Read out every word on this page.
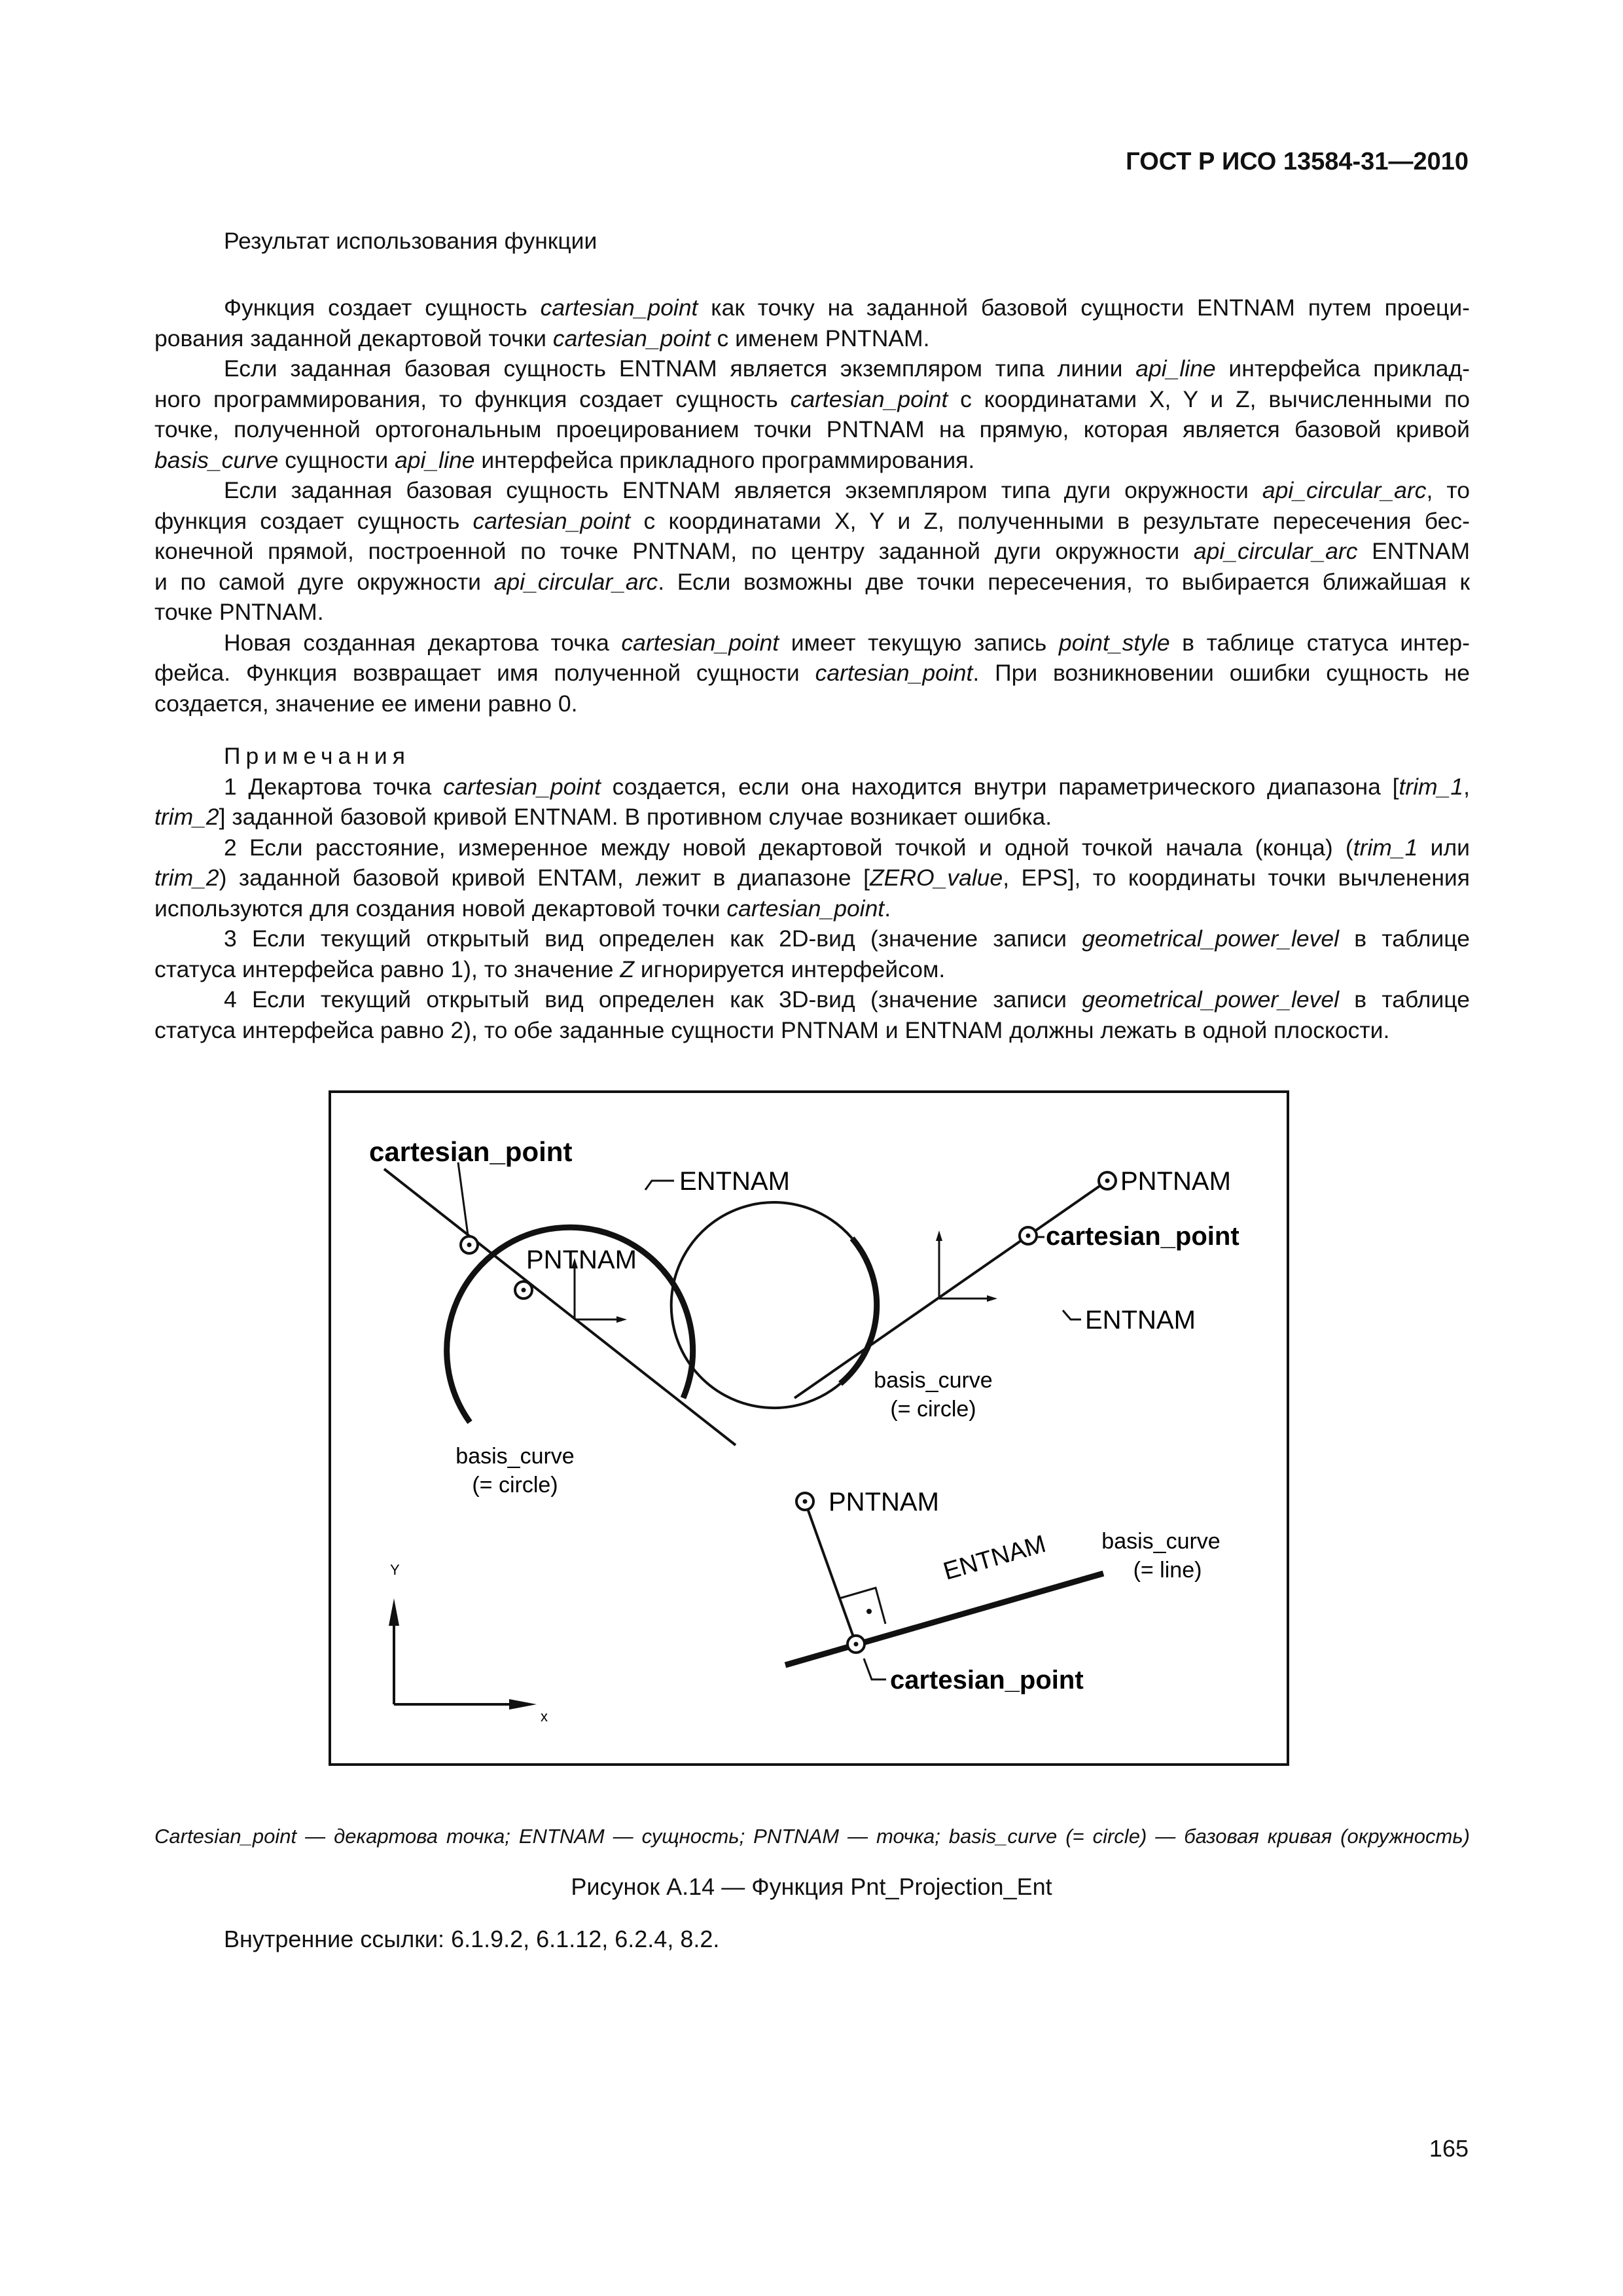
ГОСТ Р ИСО 13584-31—2010
Результат использования функции
Функция создает сущность cartesian_point как точку на заданной базовой сущности ENTNAM путем проеци-
рования заданной декартовой точки cartesian_point с именем PNTNAM.
Если заданная базовая сущность ENTNAM является экземпляром типа линии api_line интерфейса приклад-
ного программирования, то функция создает сущность cartesian_point с координатами X, Y и Z, вычисленными по
точке, полученной ортогональным проецированием точки PNTNAM на прямую, которая является базовой кривой
basis_curve сущности api_line интерфейса прикладного программирования.
Если заданная базовая сущность ENTNAM является экземпляром типа дуги окружности api_circular_arc, то
функция создает сущность cartesian_point с координатами X, Y и Z, полученными в результате пересечения бес-
конечной прямой, построенной по точке PNTNAM, по центру заданной дуги окружности api_circular_arc ENTNAM
и по самой дуге окружности api_circular_arc. Если возможны две точки пересечения, то выбирается ближайшая к
точке PNTNAM.
Новая созданная декартова точка cartesian_point имеет текущую запись point_style в таблице статуса интер-
фейса. Функция возвращает имя полученной сущности cartesian_point. При возникновении ошибки сущность не
создается, значение ее имени равно 0.
Примечания
1 Декартова точка cartesian_point создается, если она находится внутри параметрического диапазона [trim_1,
trim_2] заданной базовой кривой ENTNAM. В противном случае возникает ошибка.
2 Если расстояние, измеренное между новой декартовой точкой и одной точкой начала (конца) (trim_1 или
trim_2) заданной базовой кривой ENTAM, лежит в диапазоне [ZERO_value, EPS], то координаты точки вычленения
используются для создания новой декартовой точки cartesian_point.
3 Если текущий открытый вид определен как 2D-вид (значение записи geometrical_power_level в таблице
статуса интерфейса равно 1), то значение Z игнорируется интерфейсом.
4 Если текущий открытый вид определен как 3D-вид (значение записи geometrical_power_level в таблице
статуса интерфейса равно 2), то обе заданные сущности PNTNAM и ENTNAM должны лежать в одной плоскости.
cartesian_point
ENTNAM
PNTNAM
basis_curve
(= circle)
PNTNAM
cartesian_point
ENTNAM
basis_curve
(= circle)
PNTNAM
cartesian_point
ENTNAM basis_curve
(= line)
Y
x
Cartesian_point — декартова точка; ENTNAM — сущность; PNTNAM — точка; basis_curve (= circle) — базовая кривая (окружность)
Рисунок А.14 — Функция Pnt_Projection_Ent
Внутренние ссылки: 6.1.9.2, 6.1.12, 6.2.4, 8.2.
165
